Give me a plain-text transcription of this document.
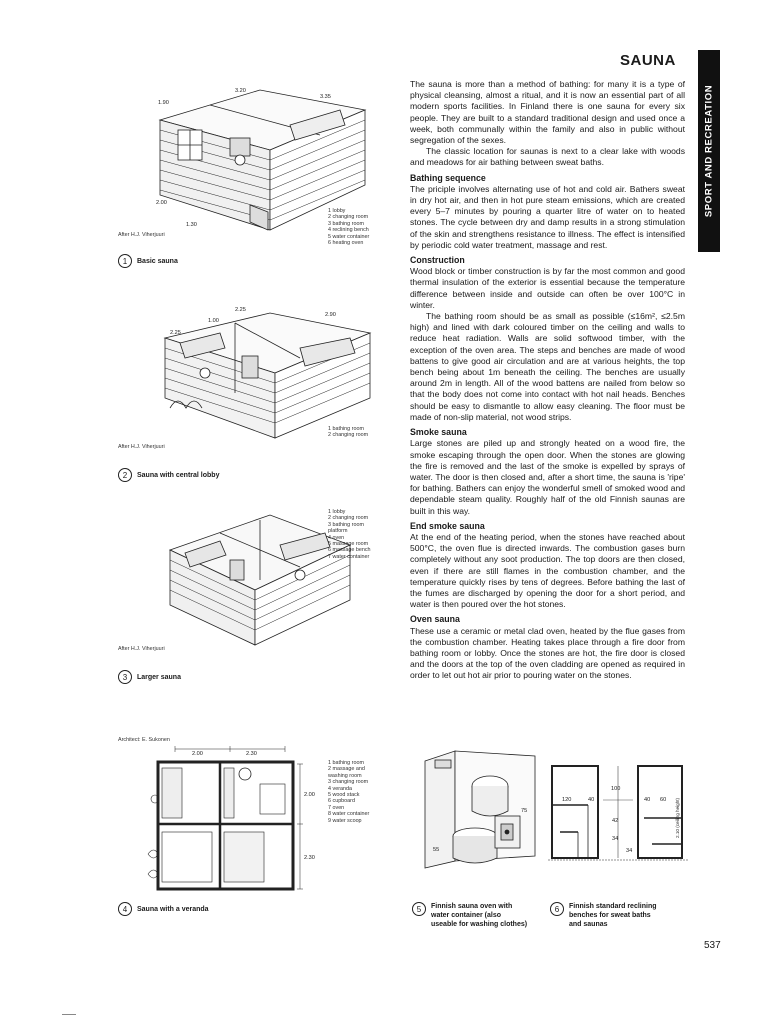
SAUNA
SPORT AND RECREATION

The sauna is more than a method of bathing: for many it is a type of physical cleansing, almost a ritual, and it is now an essential part of all modern sports facilities. In Finland there is one sauna for every six people. They are built to a standard traditional design and used once a week, both communally within the family and also in public without segregation of the sexes.

The classic location for saunas is next to a clear lake with woods and meadows for air bathing between sweat baths.

Bathing sequence

The priciple involves alternating use of hot and cold air. Bathers sweat in dry hot air, and then in hot pure steam emissions, which are created every 5–7 minutes by pouring a quarter litre of water on to heated stones. The cycle between dry and damp results in a strong stimulation of the skin and strengthens resistance to illness. The effect is intensified by periodic cold water treatment, massage and rest.

Construction

Wood block or timber construction is by far the most common and good thermal insulation of the exterior is essential because the temperature difference between inside and outside can often be over 100°C in winter.

The bathing room should be as small as possible (≤16m², ≤2.5m high) and lined with dark coloured timber on the ceiling and walls to reduce heat radiation. Walls are solid softwood timber, with the exception of the oven area. The steps and benches are made of wood battens to give good air circulation and are at various heights, the top bench being about 1m beneath the ceiling. The benches are usually around 2m in length. All of the wood battens are nailed from below so that the body does not come into contact with hot nail heads. Benches should be easy to dismantle to allow easy cleaning. The floor must be made of non-slip material, not wood strips.

Smoke sauna

Large stones are piled up and strongly heated on a wood fire, the smoke escaping through the open door. When the stones are glowing the fire is removed and the last of the smoke is expelled by sprays of water. The door is then closed and, after a short time, the sauna is 'ripe' for bathing. Bathers can enjoy the wonderful smell of smoked wood and dependable steam quality. Roughly half of the old Finnish saunas are built in this way.

End smoke sauna

At the end of the heating period, when the stones have reached about 500°C, the oven flue is directed inwards. The combustion gases burn completely without any soot production. The top doors are then closed, even if there are still flames in the combustion chamber, and the temperature quickly rises by tens of degrees. Before bathing the last of the fumes are discharged by opening the door for a short period, and water is then poured over the hot stones.

Oven sauna

These use a ceramic or metal clad oven, heated by the flue gases from the combustion chamber. Heating takes place through a fire door from bathing room or lobby. Once the stones are hot, the fire door is closed and the doors at the top of the oven cladding are opened as required in order to let out hot air prior to pouring water on the stones.

3.20
1.90
3.35
2.00
1.30
After H.J. Viherjuuri
1 lobby
2 changing room
3 bathing room
4 reclining bench
5 water container
6 heating oven
1	Basic sauna
2.25
1.00
2.25
2.90
After H.J. Viherjuuri
1 bathing room
2 changing room
2	Sauna with central lobby
After H.J. Viherjuuri
1 lobby
2 changing room
3 bathing room
platform
4 oven
5 massage room
6 massage bench
7 water container
3	Larger sauna
Architect: E. Sukonen
2.00	2.30
2.00
2.30
1 bathing room
2 massage and
washing room
3 changing room
4 veranda
5 wood stack
6 cupboard
7 oven
8 water container
9 water scoop
4	Sauna with a veranda
75
55
5	Finnish sauna oven with
water container (also
useable for washing clothes)
100
120	40	40 60
42
34
34
2.10 (ceiling height)
6	Finnish standard reclining
benches for sweat baths
and saunas
537
